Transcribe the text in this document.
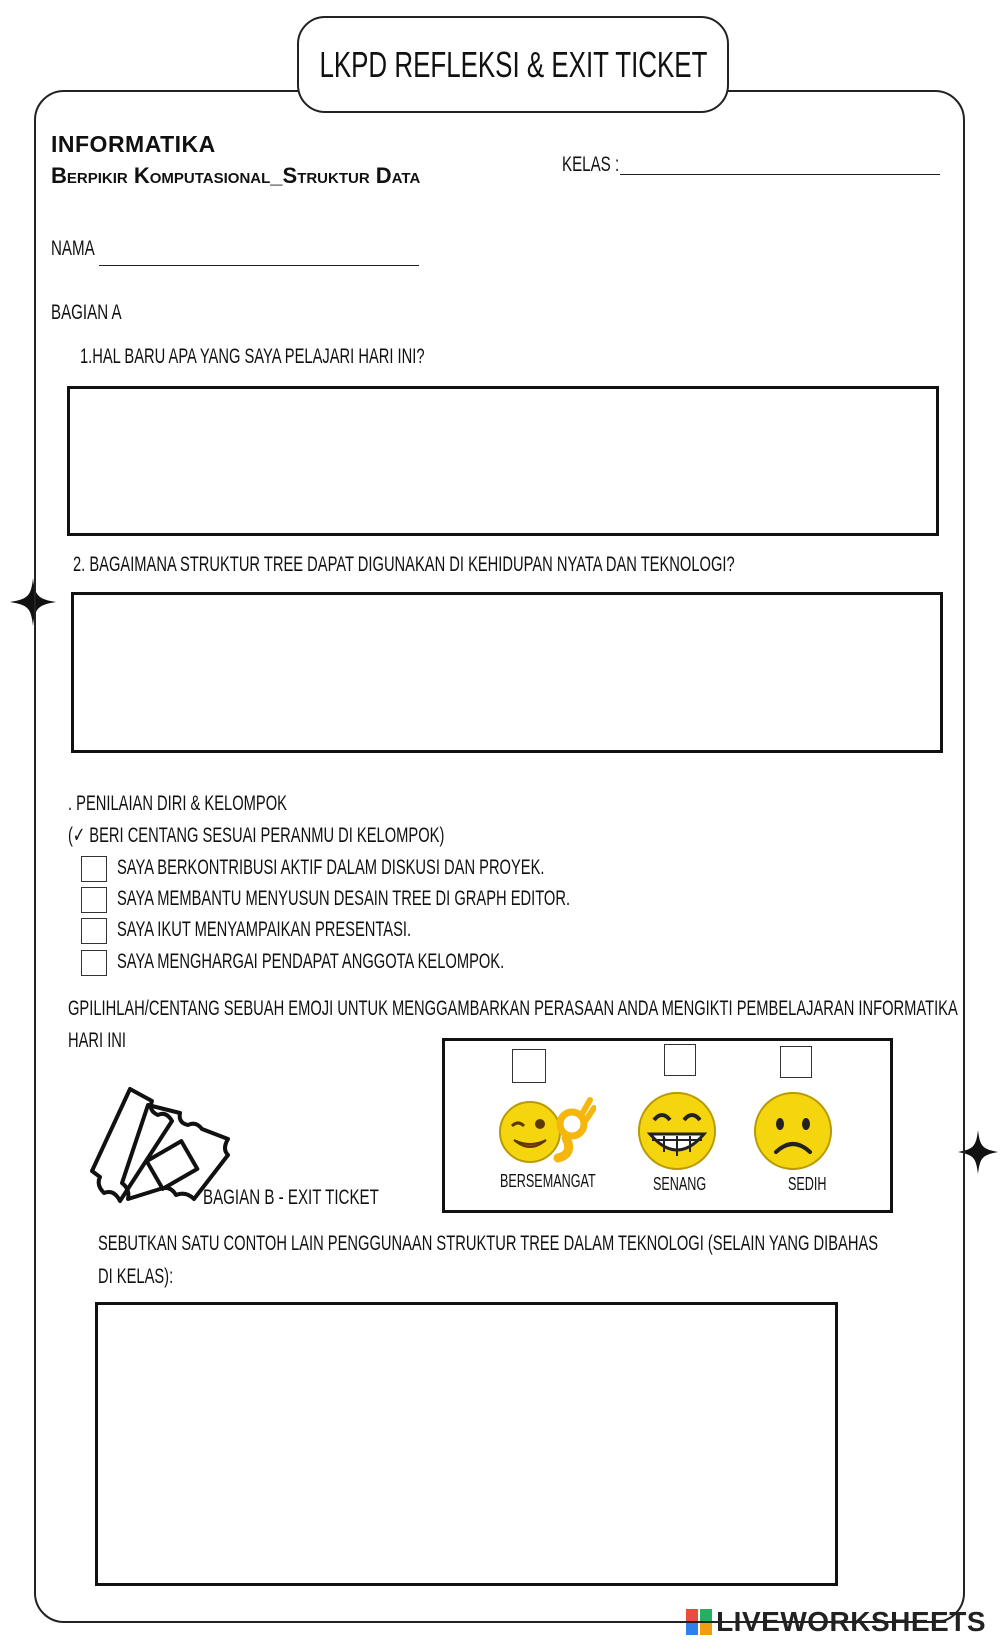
LKPD REFLEKSI & EXIT TICKET
INFORMATIKA
Berpikir Komputasional_Struktur Data	KELAS :
NAMA
BAGIAN A
1.HAL BARU APA YANG SAYA PELAJARI HARI INI?
2. BAGAIMANA STRUKTUR TREE DAPAT DIGUNAKAN DI KEHIDUPAN NYATA DAN TEKNOLOGI?
. PENILAIAN DIRI & KELOMPOK
(✓ BERI CENTANG SESUAI PERANMU DI KELOMPOK)
SAYA BERKONTRIBUSI AKTIF DALAM DISKUSI DAN PROYEK.
SAYA MEMBANTU MENYUSUN DESAIN TREE DI GRAPH EDITOR.
SAYA IKUT MENYAMPAIKAN PRESENTASI.
SAYA MENGHARGAI PENDAPAT ANGGOTA KELOMPOK.
GPILIHLAH/CENTANG SEBUAH EMOJI UNTUK MENGGAMBARKAN PERASAAN ANDA MENGIKTI PEMBELAJARAN INFORMATIKA
HARI INI
BAGIAN B - EXIT TICKET
BERSEMANGAT	SENANG	SEDIH
SEBUTKAN SATU CONTOH LAIN PENGGUNAAN STRUKTUR TREE DALAM TEKNOLOGI (SELAIN YANG DIBAHAS
DI KELAS):
LIVEWORKSHEETS
